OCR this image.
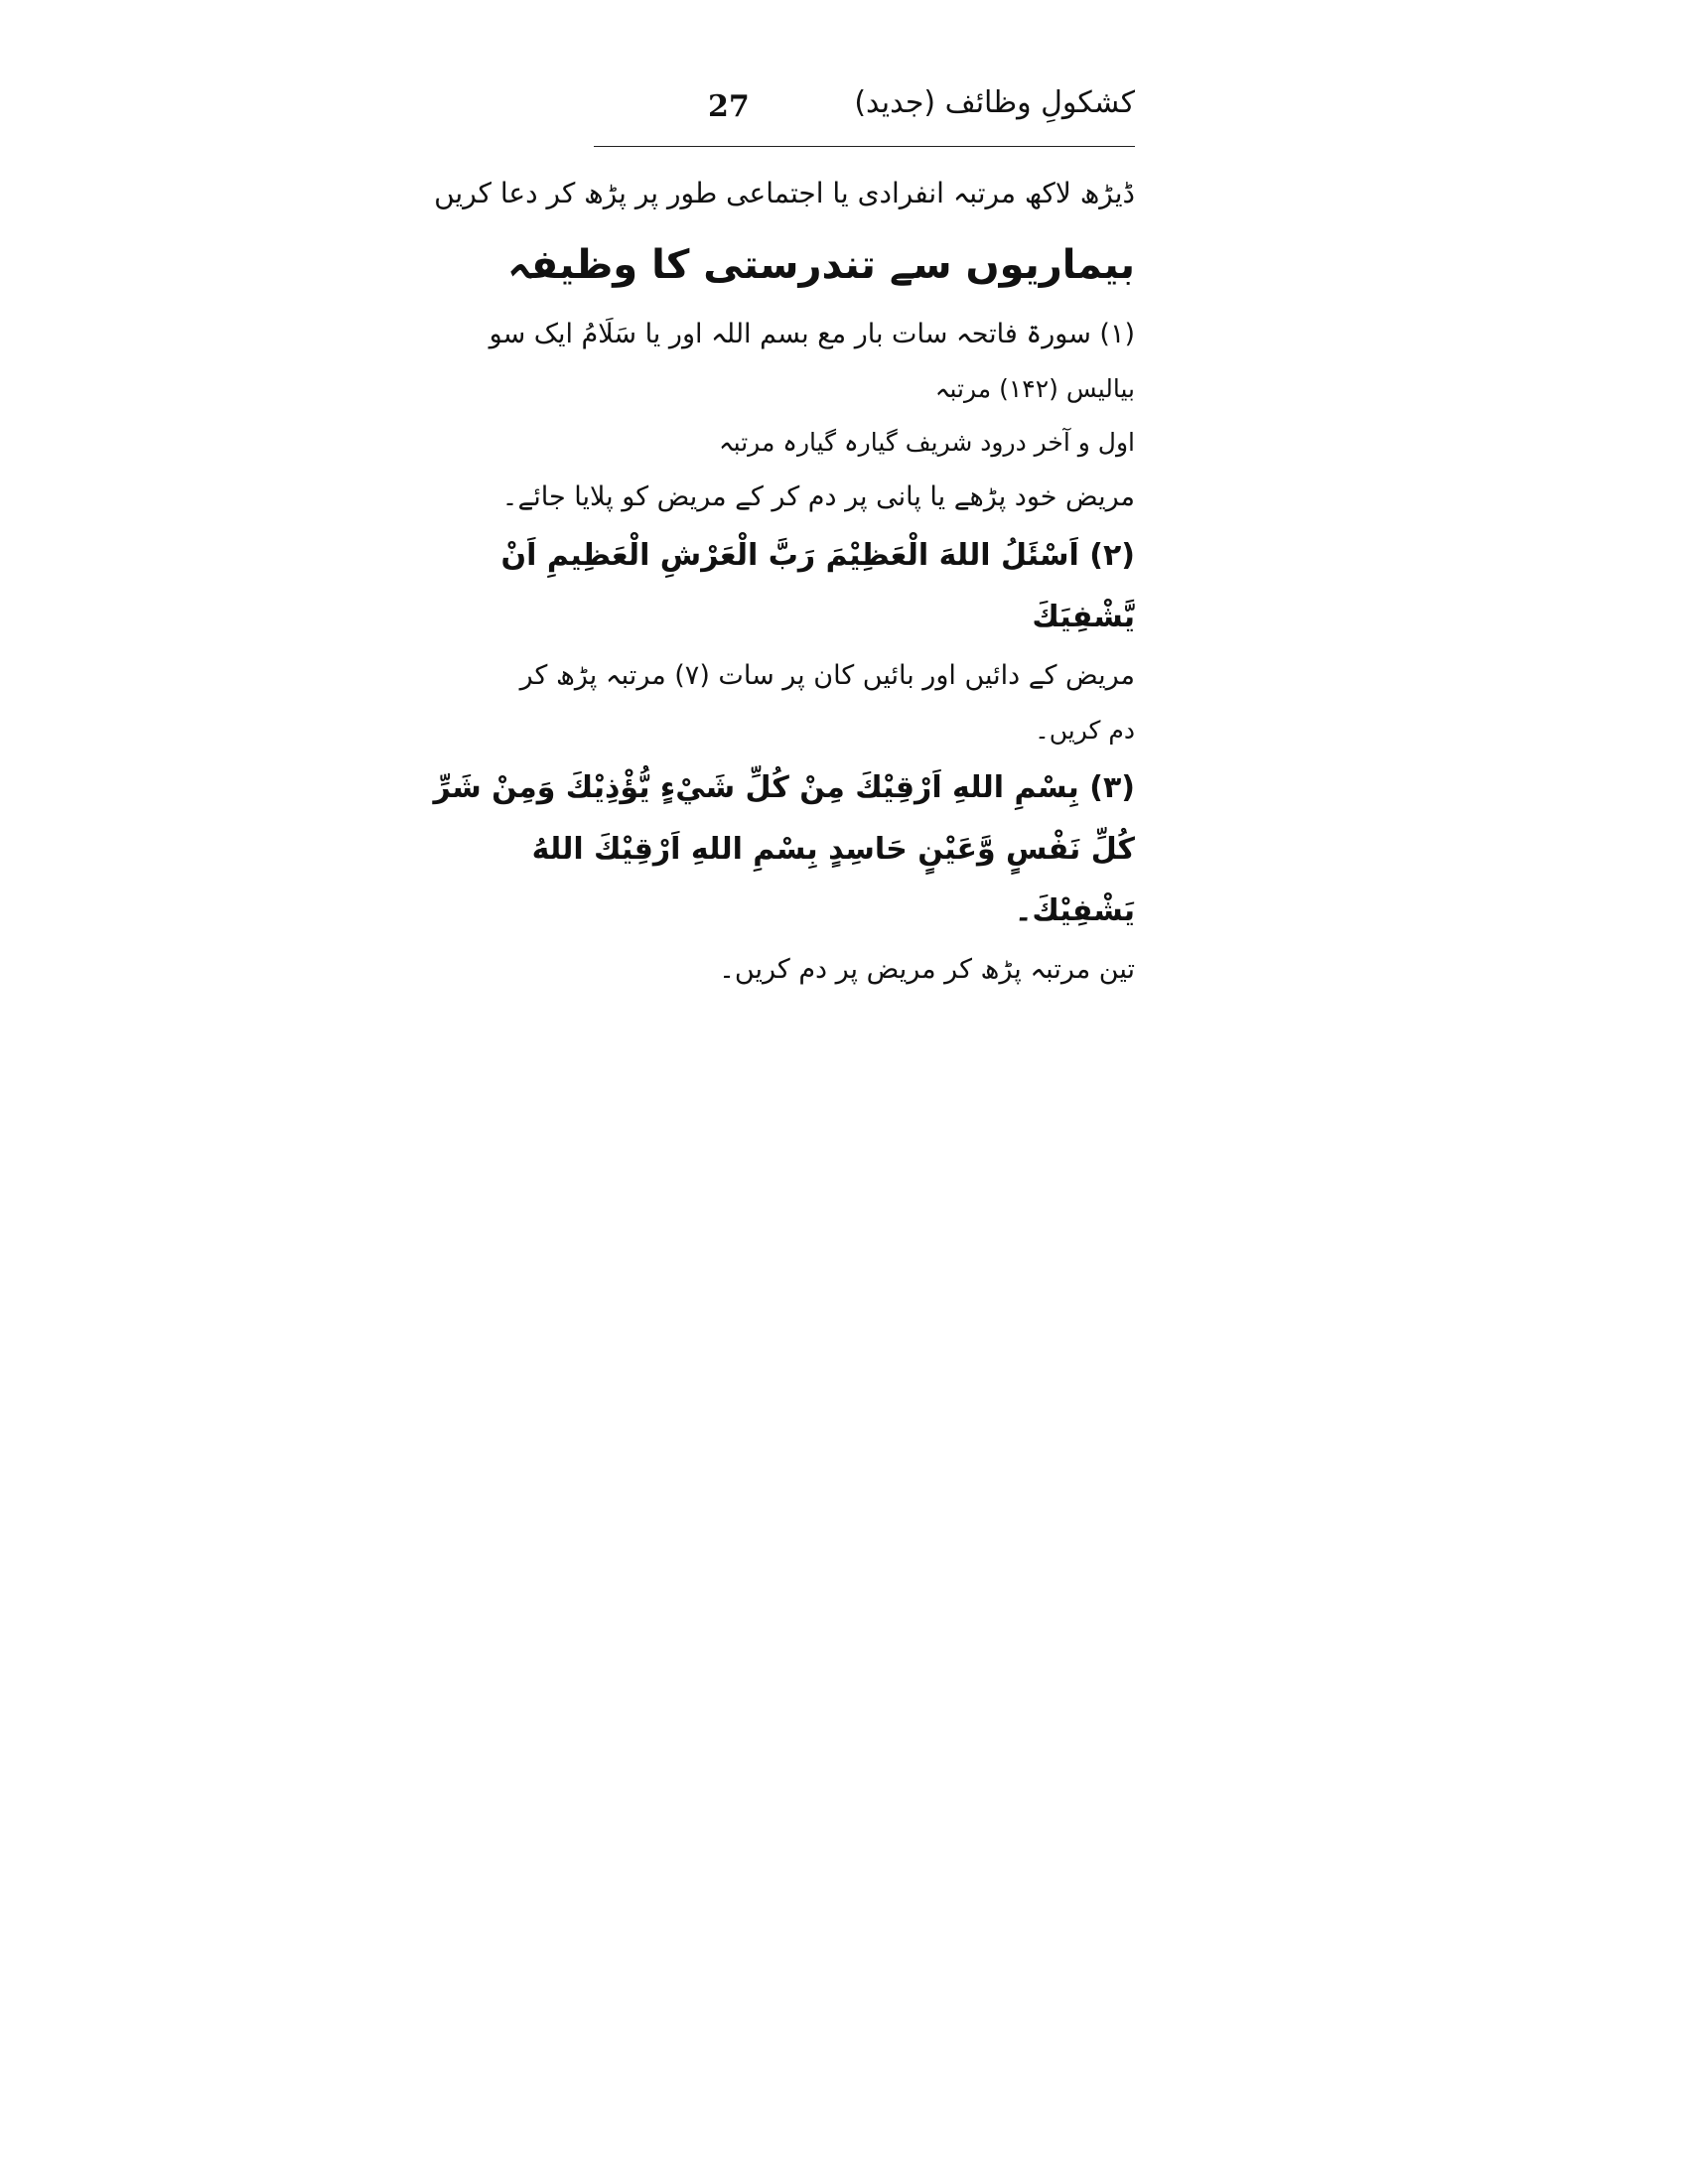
27	کشکولِ وظائف (جدید)
ڈیڑھ لاکھ مرتبہ انفرادی یا اجتماعی طور پر پڑھ کر دعا کریں
بیماریوں سے تندرستی کا وظیفہ
(۱) سورۃ فاتحہ سات بار مع بسم اللہ اور یا سَلَامُ ایک سو
بیالیس (۱۴۲) مرتبہ
اول و آخر درود شریف گیارہ گیارہ مرتبہ
مریض خود پڑھے یا پانی پر دم کر کے مریض کو پلایا جائے۔
(۲) اَسْئَلُ اللهَ الْعَظِيْمَ رَبَّ الْعَرْشِ الْعَظِيمِ اَنْ
يَّشْفِيَكَ
مریض کے دائیں اور بائیں کان پر سات (۷) مرتبہ پڑھ کر
دم کریں۔
(۳) بِسْمِ اللهِ اَرْقِيْكَ مِنْ كُلِّ شَيْءٍ يُّؤْذِيْكَ وَمِنْ شَرِّ
كُلِّ نَفْسٍ وَّعَيْنٍ حَاسِدٍ بِسْمِ اللهِ اَرْقِيْكَ اللهُ
يَشْفِيْكَ۔
تین مرتبہ پڑھ کر مریض پر دم کریں۔
